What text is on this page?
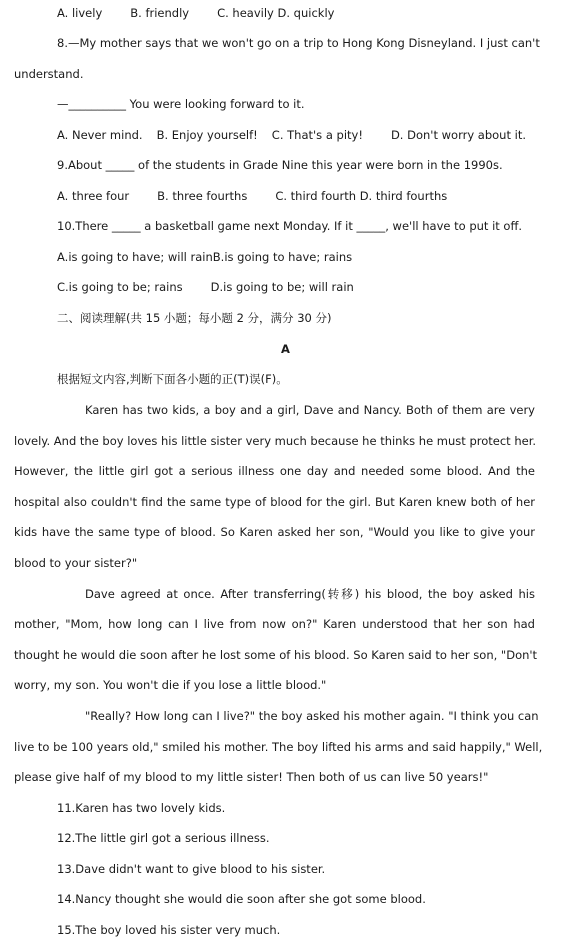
A. lively B. friendly C. heavily D. quickly
8.—My mother says that we won't go on a trip to Hong Kong Disneyland. I just can't
understand.
—__________ You were looking forward to it.
A. Never mind. B. Enjoy yourself! C. That's a pity! D. Don't worry about it.
9.About _____ of the students in Grade Nine this year were born in the 1990s.
A. three four B. three fourths C. third fourth D. third fourths
10.There _____ a basketball game next Monday. If it _____, we'll have to put it off.
A.is going to have; will rainB.is going to have; rains
C.is going to be; rains D.is going to be; will rain
二、阅读理解(共 15 小题；每小题 2 分，满分 30 分)
A
根据短文内容,判断下面各小题的正(T)误(F)。
Karen has two kids, a boy and a girl, Dave and Nancy. Both of them are very
lovely. And the boy loves his little sister very much because he thinks he must protect her.
However, the little girl got a serious illness one day and needed some blood. And the
hospital also couldn't find the same type of blood for the girl. But Karen knew both of her
kids have the same type of blood. So Karen asked her son, "Would you like to give your
blood to your sister?"
Dave agreed at once. After transferring(转移) his blood, the boy asked his
mother, "Mom, how long can I live from now on?" Karen understood that her son had
thought he would die soon after he lost some of his blood. So Karen said to her son, "Don't
worry, my son. You won't die if you lose a little blood."
"Really? How long can I live?" the boy asked his mother again. "I think you can
live to be 100 years old," smiled his mother. The boy lifted his arms and said happily," Well,
please give half of my blood to my little sister! Then both of us can live 50 years!"
11.Karen has two lovely kids.
12.The little girl got a serious illness.
13.Dave didn't want to give blood to his sister.
14.Nancy thought she would die soon after she got some blood.
15.The boy loved his sister very much.
